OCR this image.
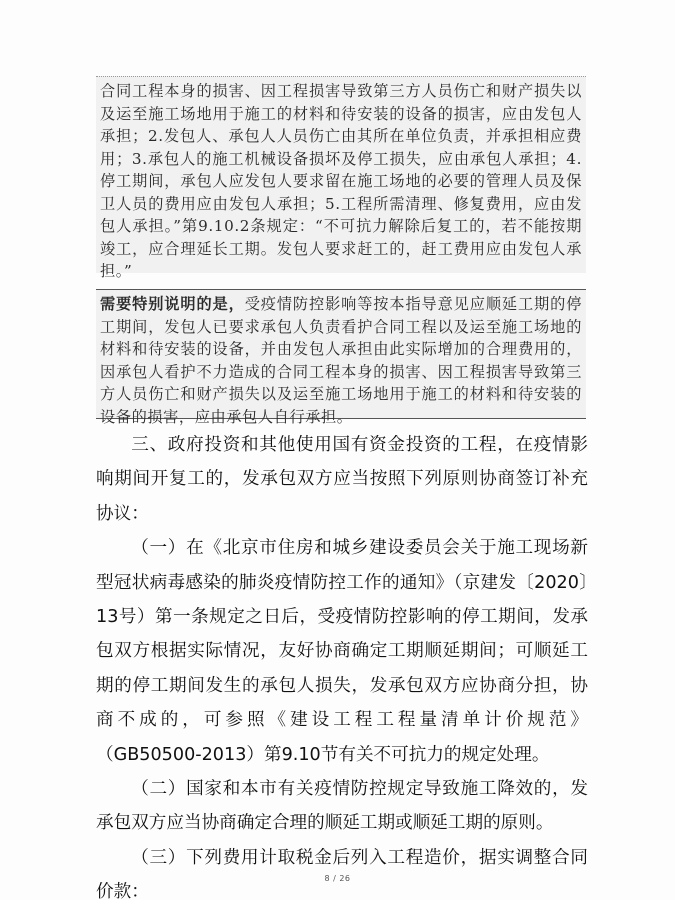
合同工程本身的损害、因工程损害导致第三方人员伤亡和财产损失以及运至施工场地用于施工的材料和待安装的设备的损害，应由发包人承担；2.发包人、承包人人员伤亡由其所在单位负责，并承担相应费用；3.承包人的施工机械设备损坏及停工损失，应由承包人承担；4.停工期间，承包人应发包人要求留在施工场地的必要的管理人员及保卫人员的费用应由发包人承担；5.工程所需清理、修复费用，应由发包人承担。”第9.10.2条规定：“不可抗力解除后复工的，若不能按期竣工，应合理延长工期。发包人要求赶工的，赶工费用应由发包人承担。”

需要特别说明的是，受疫情防控影响等按本指导意见应顺延工期的停工期间，发包人已要求承包人负责看护合同工程以及运至施工场地的材料和待安装的设备，并由发包人承担由此实际增加的合理费用的，因承包人看护不力造成的合同工程本身的损害、因工程损害导致第三方人员伤亡和财产损失以及运至施工场地用于施工的材料和待安装的设备的损害，应由承包人自行承担。

三、政府投资和其他使用国有资金投资的工程，在疫情影响期间开复工的，发承包双方应当按照下列原则协商签订补充协议：

（一）在《北京市住房和城乡建设委员会关于施工现场新型冠状病毒感染的肺炎疫情防控工作的通知》（京建发〔2020〕13号）第一条规定之日后，受疫情防控影响的停工期间，发承包双方根据实际情况，友好协商确定工期顺延期间；可顺延工期的停工期间发生的承包人损失，发承包双方应协商分担，协商不成的，可参照《建设工程工程量清单计价规范》（GB50500-2013）第9.10节有关不可抗力的规定处理。

（二）国家和本市有关疫情防控规定导致施工降效的，发承包双方应当协商确定合理的顺延工期或顺延工期的原则。

（三）下列费用计取税金后列入工程造价，据实调整合同价款：

8 / 26
